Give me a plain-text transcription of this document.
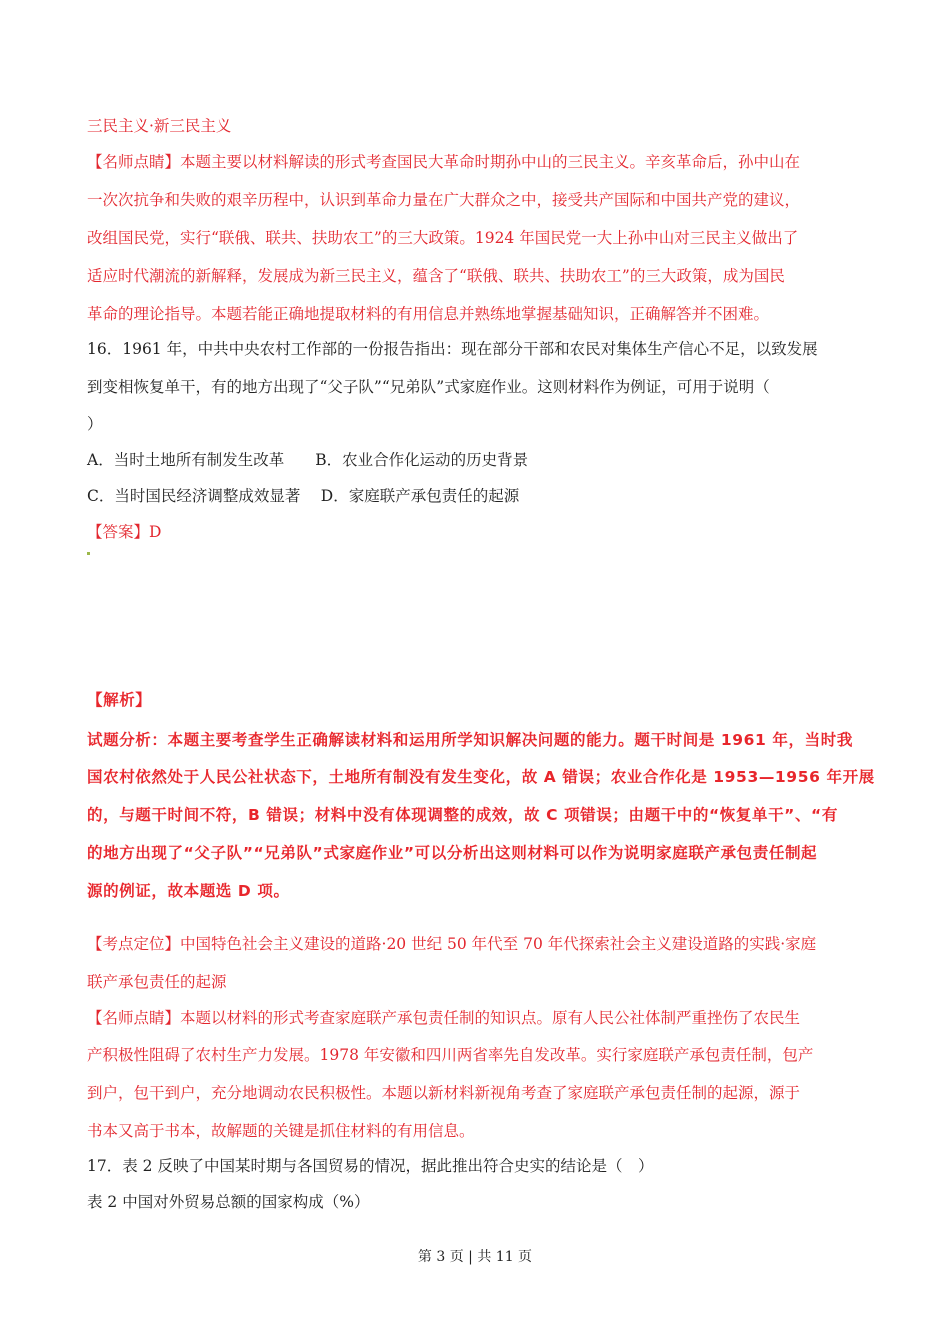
三民主义·新三民主义
【名师点睛】本题主要以材料解读的形式考查国民大革命时期孙中山的三民主义。辛亥革命后，孙中山在
一次次抗争和失败的艰辛历程中，认识到革命力量在广大群众之中，接受共产国际和中国共产党的建议，
改组国民党，实行“联俄、联共、扶助农工”的三大政策。1924 年国民党一大上孙中山对三民主义做出了
适应时代潮流的新解释，发展成为新三民主义，蕴含了“联俄、联共、扶助农工”的三大政策，成为国民
革命的理论指导。本题若能正确地提取材料的有用信息并熟练地掌握基础知识，正确解答并不困难。
16．1961 年，中共中央农村工作部的一份报告指出：现在部分干部和农民对集体生产信心不足，以致发展
到变相恢复单干，有的地方出现了“父子队”“兄弟队”式家庭作业。这则材料作为例证，可用于说明（
）
A．当时土地所有制发生改革　　B．农业合作化运动的历史背景
C．当时国民经济调整成效显著　 D．家庭联产承包责任的起源
【答案】D
【解析】
试题分析：本题主要考查学生正确解读材料和运用所学知识解决问题的能力。题干时间是 1961 年，当时我
国农村依然处于人民公社状态下，土地所有制没有发生变化，故 A 错误；农业合作化是 1953—1956 年开展
的，与题干时间不符，B 错误；材料中没有体现调整的成效，故 C 项错误；由题干中的“恢复单干”、“有
的地方出现了“父子队”“兄弟队”式家庭作业”可以分析出这则材料可以作为说明家庭联产承包责任制起
源的例证，故本题选 D 项。
【考点定位】中国特色社会主义建设的道路·20 世纪 50 年代至 70 年代探索社会主义建设道路的实践·家庭
联产承包责任的起源
【名师点睛】本题以材料的形式考查家庭联产承包责任制的知识点。原有人民公社体制严重挫伤了农民生
产积极性阻碍了农村生产力发展。1978 年安徽和四川两省率先自发改革。实行家庭联产承包责任制，包产
到户，包干到户，充分地调动农民积极性。本题以新材料新视角考查了家庭联产承包责任制的起源，源于
书本又高于书本，故解题的关键是抓住材料的有用信息。
17．表 2 反映了中国某时期与各国贸易的情况，据此推出符合史实的结论是（　）
表 2 中国对外贸易总额的国家构成（%）
第 3 页 | 共 11 页
